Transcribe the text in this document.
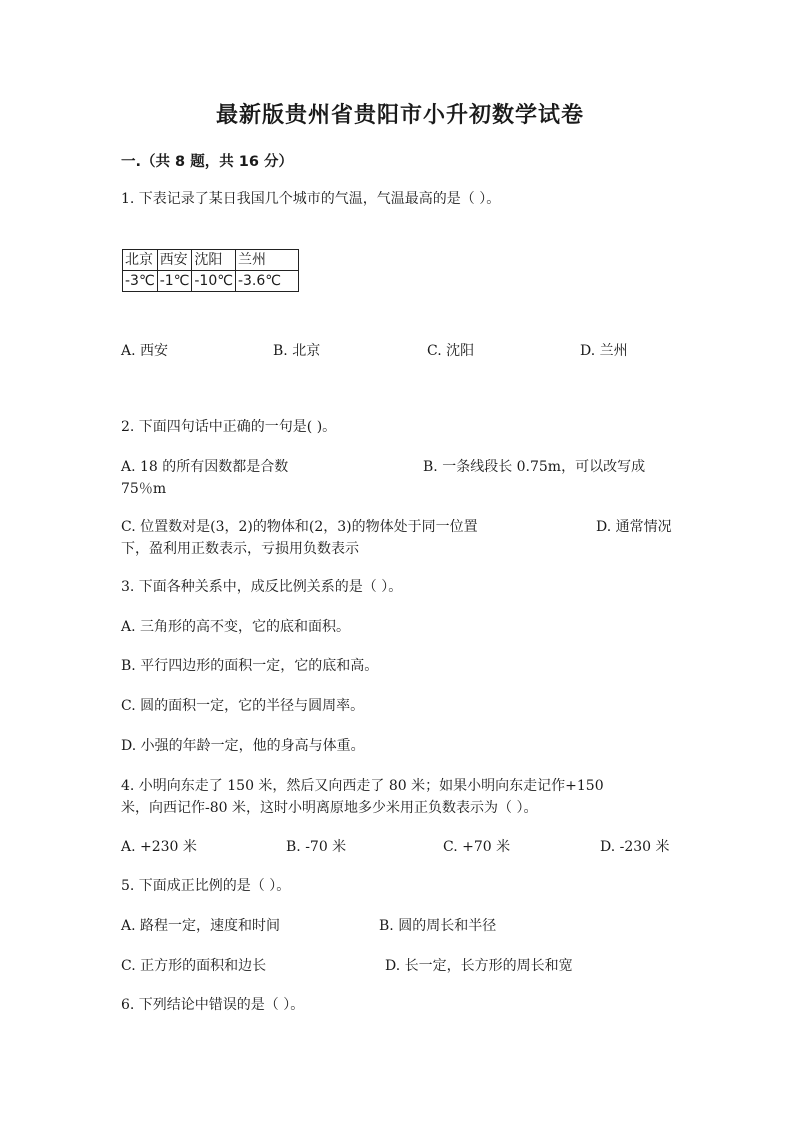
最新版贵州省贵阳市小升初数学试卷
一.（共 8 题，共 16 分）
1. 下表记录了某日我国几个城市的气温，气温最高的是（ ）。
北京	西安	沈阳	兰州
-3℃	-1℃	-10℃	-3.6℃
A. 西安	B. 北京	C. 沈阳	D. 兰州
2. 下面四句话中正确的一句是( )。
A. 18 的所有因数都是合数	B. 一条线段长 0.75m，可以改写成
75％m
C. 位置数对是(3，2)的物体和(2，3)的物体处于同一位置	D. 通常情况
下，盈利用正数表示，亏损用负数表示
3. 下面各种关系中，成反比例关系的是（ ）。
A. 三角形的高不变，它的底和面积。
B. 平行四边形的面积一定，它的底和高。
C. 圆的面积一定，它的半径与圆周率。
D. 小强的年龄一定，他的身高与体重。
4. 小明向东走了 150 米，然后又向西走了 80 米；如果小明向东走记作+150
米，向西记作-80 米，这时小明离原地多少米用正负数表示为（ ）。
A. +230 米	B. -70 米	C. +70 米	D. -230 米
5. 下面成正比例的是（ ）。
A. 路程一定，速度和时间	B. 圆的周长和半径
C. 正方形的面积和边长	D. 长一定，长方形的周长和宽
6. 下列结论中错误的是（ ）。
